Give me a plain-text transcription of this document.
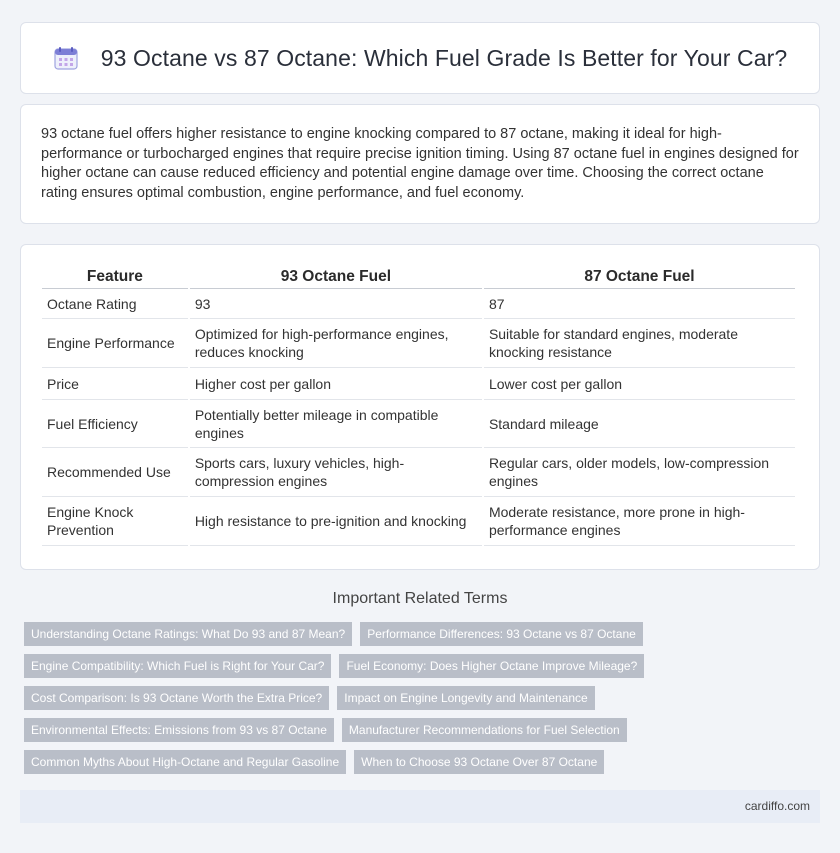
93 Octane vs 87 Octane: Which Fuel Grade Is Better for Your Car?

93 octane fuel offers higher resistance to engine knocking compared to 87 octane, making it ideal for high-performance or turbocharged engines that require precise ignition timing. Using 87 octane fuel in engines designed for higher octane can cause reduced efficiency and potential engine damage over time. Choosing the correct octane rating ensures optimal combustion, engine performance, and fuel economy.

Feature	93 Octane Fuel	87 Octane Fuel
Octane Rating	93	87
Engine Performance	Optimized for high-performance engines, reduces knocking	Suitable for standard engines, moderate knocking resistance
Price	Higher cost per gallon	Lower cost per gallon
Fuel Efficiency	Potentially better mileage in compatible engines	Standard mileage
Recommended Use	Sports cars, luxury vehicles, high-compression engines	Regular cars, older models, low-compression engines
Engine Knock Prevention	High resistance to pre-ignition and knocking	Moderate resistance, more prone in high-performance engines
Important Related Terms
Understanding Octane Ratings: What Do 93 and 87 Mean?	Performance Differences: 93 Octane vs 87 Octane
Engine Compatibility: Which Fuel is Right for Your Car?	Fuel Economy: Does Higher Octane Improve Mileage?
Cost Comparison: Is 93 Octane Worth the Extra Price?	Impact on Engine Longevity and Maintenance
Environmental Effects: Emissions from 93 vs 87 Octane	Manufacturer Recommendations for Fuel Selection
Common Myths About High-Octane and Regular Gasoline	When to Choose 93 Octane Over 87 Octane
cardiffo.com
